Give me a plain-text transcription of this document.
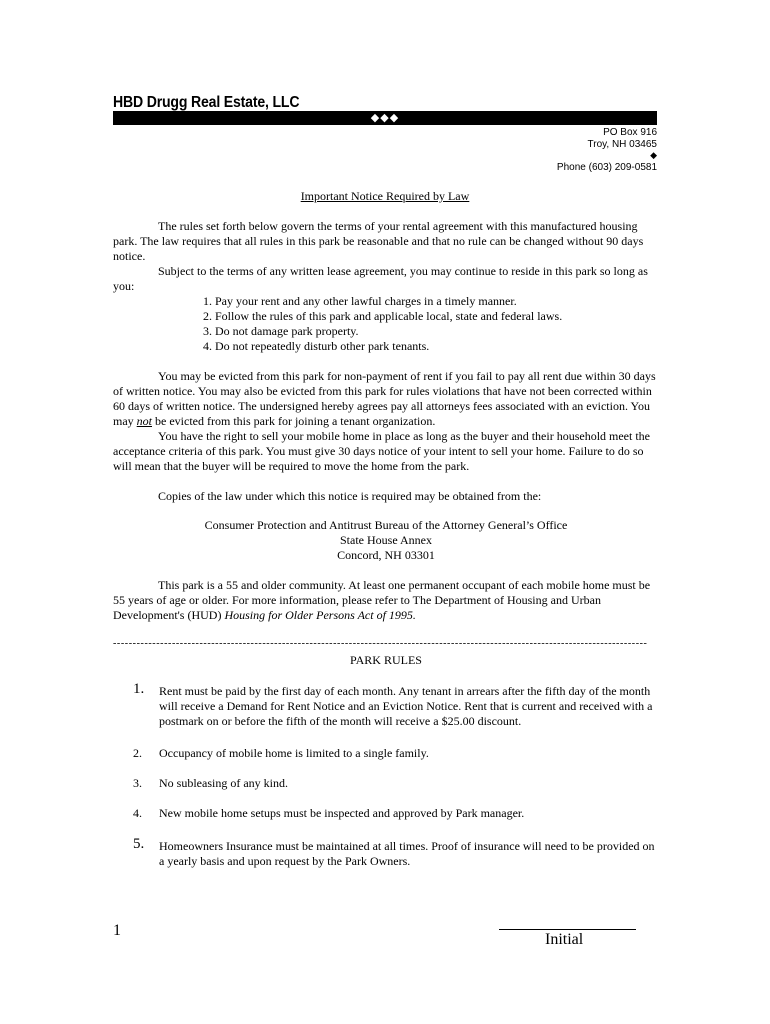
HBD Drugg Real Estate, LLC
◆◆◆
PO Box 916
Troy, NH 03465
◆
Phone (603) 209-0581
Important Notice Required by Law
The rules set forth below govern the terms of your rental agreement with this manufactured housing park. The law requires that all rules in this park be reasonable and that no rule can be changed without 90 days notice.
Subject to the terms of any written lease agreement, you may continue to reside in this park so long as you:
1. Pay your rent and any other lawful charges in a timely manner.
2. Follow the rules of this park and applicable local, state and federal laws.
3. Do not damage park property.
4. Do not repeatedly disturb other park tenants.
You may be evicted from this park for non-payment of rent if you fail to pay all rent due within 30 days of written notice. You may also be evicted from this park for rules violations that have not been corrected within 60 days of written notice. The undersigned hereby agrees pay all attorneys fees associated with an eviction. You may not be evicted from this park for joining a tenant organization.
You have the right to sell your mobile home in place as long as the buyer and their household meet the acceptance criteria of this park. You must give 30 days notice of your intent to sell your home. Failure to do so will mean that the buyer will be required to move the home from the park.
Copies of the law under which this notice is required may be obtained from the:
Consumer Protection and Antitrust Bureau of the Attorney General’s Office
State House Annex
Concord, NH 03301
This park is a 55 and older community. At least one permanent occupant of each mobile home must be 55 years of age or older. For more information, please refer to The Department of Housing and Urban Development's (HUD) Housing for Older Persons Act of 1995.
----------------------------------------------------------------------------------------------------------------------------------------
PARK RULES
1.	Rent must be paid by the first day of each month. Any tenant in arrears after the fifth day of the month will receive a Demand for Rent Notice and an Eviction Notice. Rent that is current and received with a postmark on or before the fifth of the month will receive a $25.00 discount.
2.	Occupancy of mobile home is limited to a single family.
3.	No subleasing of any kind.
4.	New mobile home setups must be inspected and approved by Park manager.
5.	Homeowners Insurance must be maintained at all times. Proof of insurance will need to be provided on a yearly basis and upon request by the Park Owners.
1
Initial
